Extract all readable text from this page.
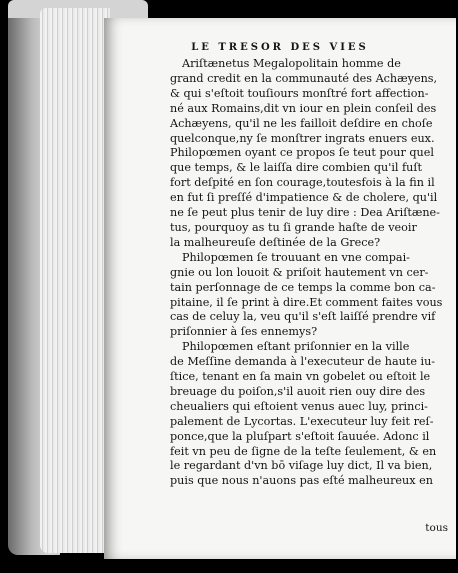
LE TRESOR DES VIES
Ariſtænetus Megalopolitain homme de
grand credit en la communauté des Achæyens,
& qui s'eſtoit touſiours monſtré fort affection-
né aux Romains,dit vn iour en plein conſeil des
Achæyens, qu'il ne les failloit deſdire en choſe
quelconque,ny ſe monſtrer ingrats enuers eux.
Philopœmen oyant ce propos ſe teut pour quel
que temps, & le laiſſa dire combien qu'il fuſt
fort deſpité en ſon courage,toutesfois à la fin il
en fut ſi preſſé d'impatience & de cholere, qu'il
ne ſe peut plus tenir de luy dire : Dea Ariſtæne-
tus, pourquoy as tu ſi grande haſte de veoir
la malheureuſe deſtinée de la Grece?
Philopœmen ſe trouuant en vne compai-
gnie ou lon louoit & priſoit hautement vn cer-
tain perſonnage de ce temps la comme bon ca-
pitaine, il ſe print à dire.Et comment faites vous
cas de celuy la, veu qu'il s'eſt laiſſé prendre vif
priſonnier à ſes ennemys?
Philopœmen eſtant priſonnier en la ville
de Meſſine demanda à l'executeur de haute iu-
ſtice, tenant en ſa main vn gobelet ou eſtoit le
breuage du poiſon,s'il auoit rien ouy dire des
cheualiers qui eſtoient venus auec luy, princi-
palement de Lycortas. L'executeur luy feit reſ-
ponce,que la pluſpart s'eſtoit ſauuée. Adonc il
feit vn peu de ſigne de la teſte ſeulement, & en
le regardant d'vn bō viſage luy dict, Il va bien,
puis que nous n'auons pas eſté malheureux en
tous
